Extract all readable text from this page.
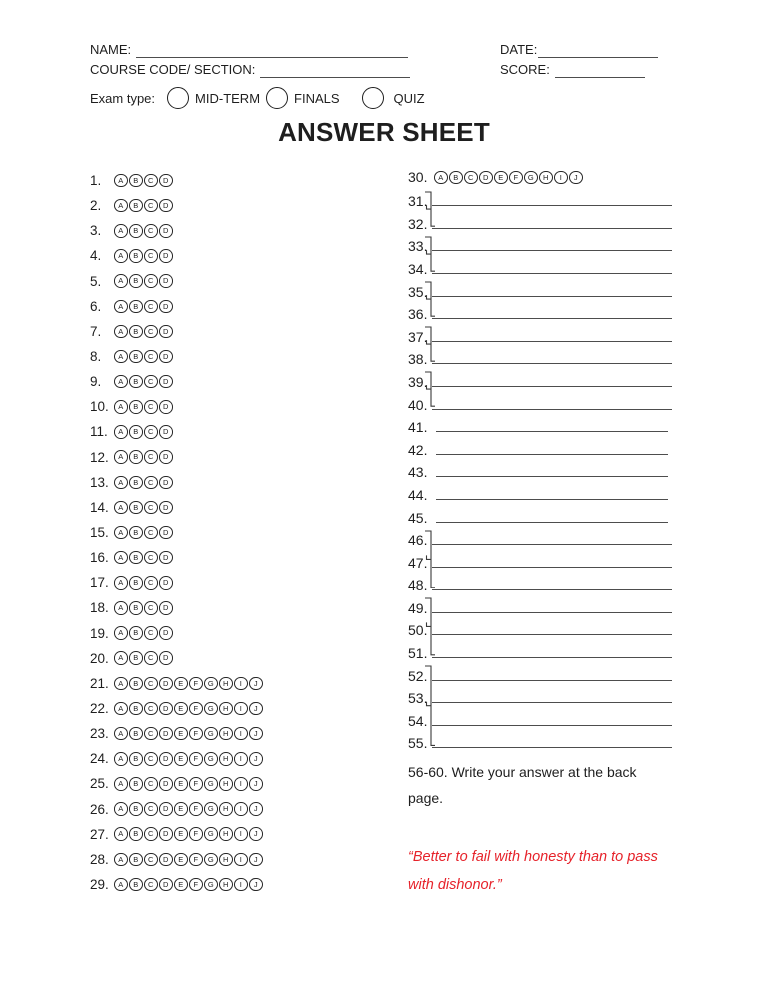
NAME:
COURSE CODE/ SECTION:
DATE:
SCORE:
Exam type:	MID-TERM	FINALS	QUIZ
ANSWER SHEET
1.	A	B	C	D
2.	A	B	C	D
3.	A	B	C	D
4.	A	B	C	D
5.	A	B	C	D
6.	A	B	C	D
7.	A	B	C	D
8.	A	B	C	D
9.	A	B	C	D
10.	A	B	C	D
11.	A	B	C	D
12.	A	B	C	D
13.	A	B	C	D
14.	A	B	C	D
15.	A	B	C	D
16.	A	B	C	D
17.	A	B	C	D
18.	A	B	C	D
19.	A	B	C	D
20.	A	B	C	D
21.	A	B	C	D	E	F	G	H	I	J
22.	A	B	C	D	E	F	G	H	I	J
23.	A	B	C	D	E	F	G	H	I	J
24.	A	B	C	D	E	F	G	H	I	J
25.	A	B	C	D	E	F	G	H	I	J
26.	A	B	C	D	E	F	G	H	I	J
27.	A	B	C	D	E	F	G	H	I	J
28.	A	B	C	D	E	F	G	H	I	J
29.	A	B	C	D	E	F	G	H	I	J
30.	A	B	C	D	E	F	G	H	I	J
31.
32.
33.
34.
35.
36.
37.
38.
39.
40.
41.
42.
43.
44.
45.
46.
47.
48.
49.
50.
51.
52.
53.
54.
55.
56-60. Write your answer at the back page.
“Better to fail with honesty than to pass with dishonor.”
